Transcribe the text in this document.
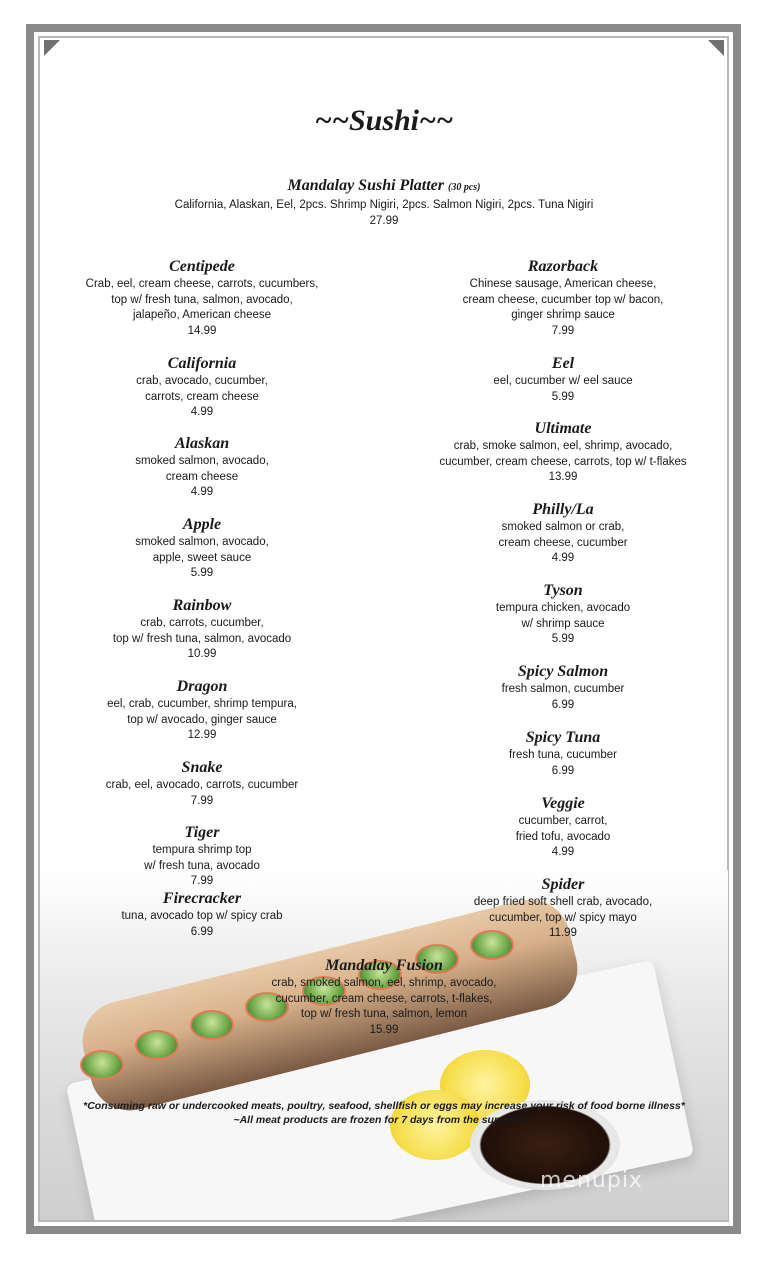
menupix
~~Sushi~~
Mandalay Sushi Platter (30 pcs)
California, Alaskan, Eel, 2pcs. Shrimp Nigiri, 2pcs. Salmon Nigiri, 2pcs. Tuna Nigiri
27.99
Centipede
Crab, eel, cream cheese, carrots, cucumbers,
top w/ fresh tuna, salmon, avocado,
jalapeño, American cheese
14.99
California
crab, avocado, cucumber,
carrots, cream cheese
4.99
Alaskan
smoked salmon, avocado,
cream cheese
4.99
Apple
smoked salmon, avocado,
apple, sweet sauce
5.99
Rainbow
crab, carrots, cucumber,
top w/ fresh tuna, salmon, avocado
10.99
Dragon
eel, crab, cucumber, shrimp tempura,
top w/ avocado, ginger sauce
12.99
Snake
crab, eel, avocado, carrots, cucumber
7.99
Tiger
tempura shrimp top
w/ fresh tuna, avocado
7.99
Firecracker
tuna, avocado top w/ spicy crab
6.99
Razorback
Chinese sausage, American cheese,
cream cheese, cucumber top w/ bacon,
ginger shrimp sauce
7.99
Eel
eel, cucumber w/ eel sauce
5.99
Ultimate
crab, smoke salmon, eel, shrimp, avocado,
cucumber, cream cheese, carrots, top w/ t-flakes
13.99
Philly/La
smoked salmon or crab,
cream cheese, cucumber
4.99
Tyson
tempura chicken, avocado
w/ shrimp sauce
5.99
Spicy Salmon
fresh salmon, cucumber
6.99
Spicy Tuna
fresh tuna, cucumber
6.99
Veggie
cucumber, carrot,
fried tofu, avocado
4.99
Spider
deep fried soft shell crab, avocado,
cucumber, top w/ spicy mayo
11.99
Mandalay Fusion
crab, smoked salmon, eel, shrimp, avocado,
cucumber, cream cheese, carrots, t-flakes,
top w/ fresh tuna, salmon, lemon
15.99
*Consuming raw or undercooked meats, poultry, seafood, shellfish or eggs may increase your risk of food borne illness*
~All meat products are frozen for 7 days from the suppliers~
